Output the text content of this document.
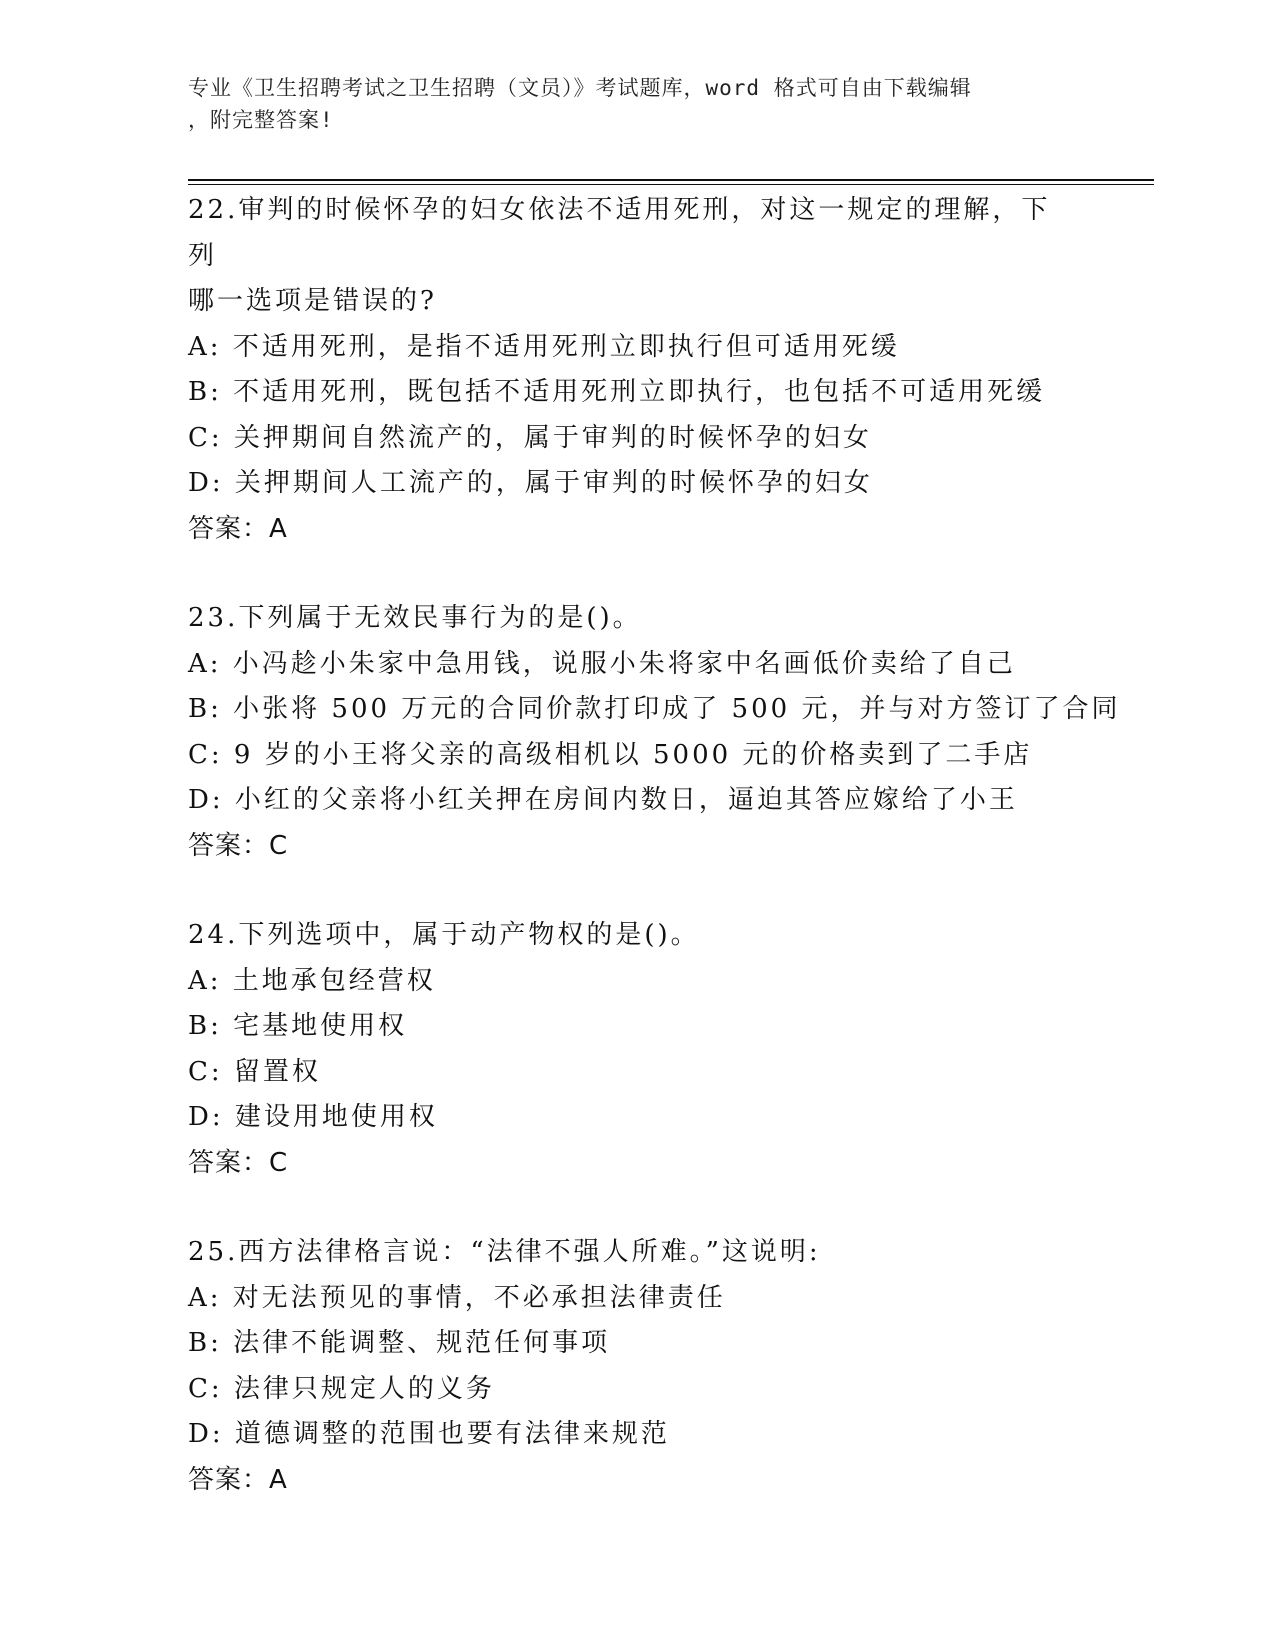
专业《卫生招聘考试之卫生招聘（文员）》考试题库，word 格式可自由下载编辑
，附完整答案!
22.审判的时候怀孕的妇女依法不适用死刑，对这一规定的理解，下列
哪一选项是错误的?
A: 不适用死刑，是指不适用死刑立即执行但可适用死缓
B: 不适用死刑，既包括不适用死刑立即执行，也包括不可适用死缓
C: 关押期间自然流产的，属于审判的时候怀孕的妇女
D: 关押期间人工流产的，属于审判的时候怀孕的妇女
答案：A
23.下列属于无效民事行为的是()。
A: 小冯趁小朱家中急用钱，说服小朱将家中名画低价卖给了自己
B: 小张将 500 万元的合同价款打印成了 500 元，并与对方签订了合同
C: 9 岁的小王将父亲的高级相机以 5000 元的价格卖到了二手店
D: 小红的父亲将小红关押在房间内数日，逼迫其答应嫁给了小王
答案：C
24.下列选项中，属于动产物权的是()。
A: 土地承包经营权
B: 宅基地使用权
C: 留置权
D: 建设用地使用权
答案：C
25.西方法律格言说：“法律不强人所难。”这说明:
A: 对无法预见的事情，不必承担法律责任
B: 法律不能调整、规范任何事项
C: 法律只规定人的义务
D: 道德调整的范围也要有法律来规范
答案：A
